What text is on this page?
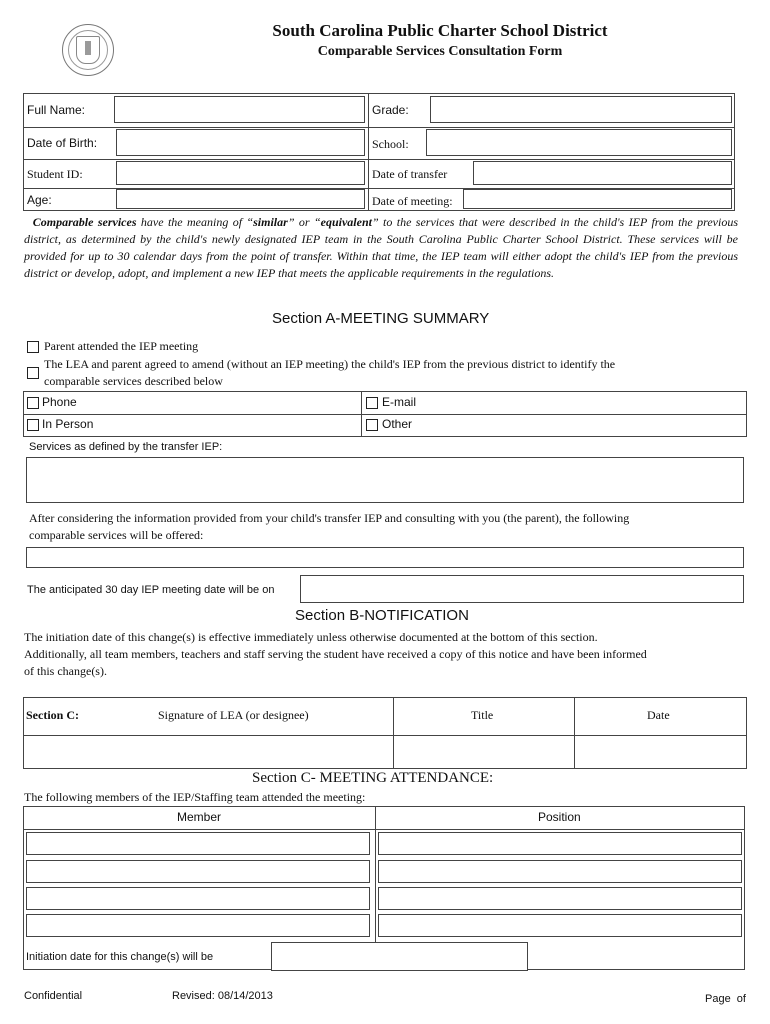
South Carolina Public Charter School District
Comparable Services Consultation Form
Full Name:	Grade:
Date of Birth:	School:
Student ID:	Date of transfer
Age:	Date of meeting:
Comparable services have the meaning of “similar” or “equivalent” to the services that were described in the child's IEP from the previous district, as determined by the child's newly designated IEP team in the South Carolina Public Charter School District. These services will be provided for up to 30 calendar days from the point of transfer. Within that time, the IEP team will either adopt the child's IEP from the previous district or develop, adopt, and implement a new IEP that meets the applicable requirements in the regulations.
Section A-MEETING SUMMARY
Parent attended the IEP meeting
The LEA and parent agreed to amend (without an IEP meeting) the child's IEP from the previous district to identify the
comparable services described below
Phone	E-mail
In Person	Other
Services as defined by the transfer IEP:
After considering the information provided from your child's transfer IEP and consulting with you (the parent), the following
comparable services will be offered:
The anticipated 30 day IEP meeting date will be on
Section B-NOTIFICATION
The initiation date of this change(s) is effective immediately unless otherwise documented at the bottom of this section.
Additionally, all team members, teachers and staff serving the student have received a copy of this notice and have been informed
of this change(s).
Section C:	Signature of LEA (or designee)	Title	Date
Section C- MEETING ATTENDANCE:
The following members of the IEP/Staffing team attended the meeting:
Member	Position
Initiation date for this change(s) will be
Confidential	Revised: 08/14/2013	Page  of
